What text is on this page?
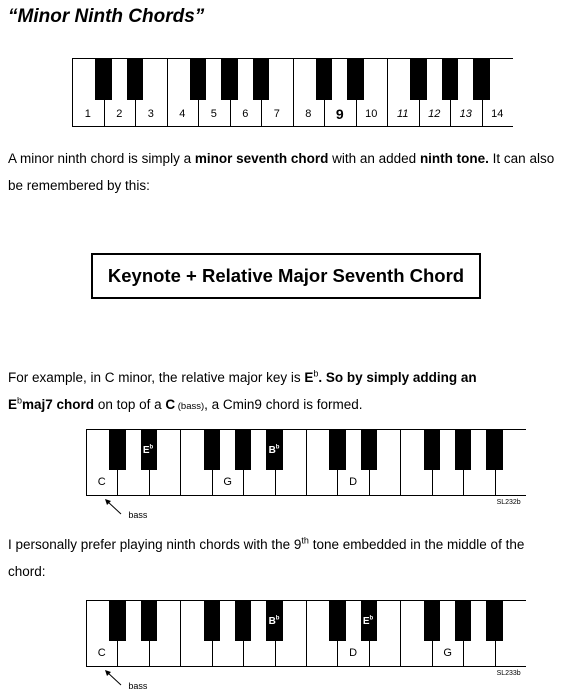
“Minor Ninth Chords”
1	2	3	4	5	6	7	8	9	10	11	12	13	14
A minor ninth chord is simply a minor seventh chord with an added ninth tone. It can also be remembered by this:
Keynote + Relative Major Seventh Chord
For example, in C minor, the relative major key is $E^b$. So by simply adding an
$E^bmaj7$ chord on top of a C (bass), a Cmin9 chord is formed.
C	G	D
$E^b$	$B^b$
SL232b
bass
I personally prefer playing ninth chords with the 9th tone embedded in the middle of the chord:
C	D	G
$B^b$	$E^b$
SL233b
bass
